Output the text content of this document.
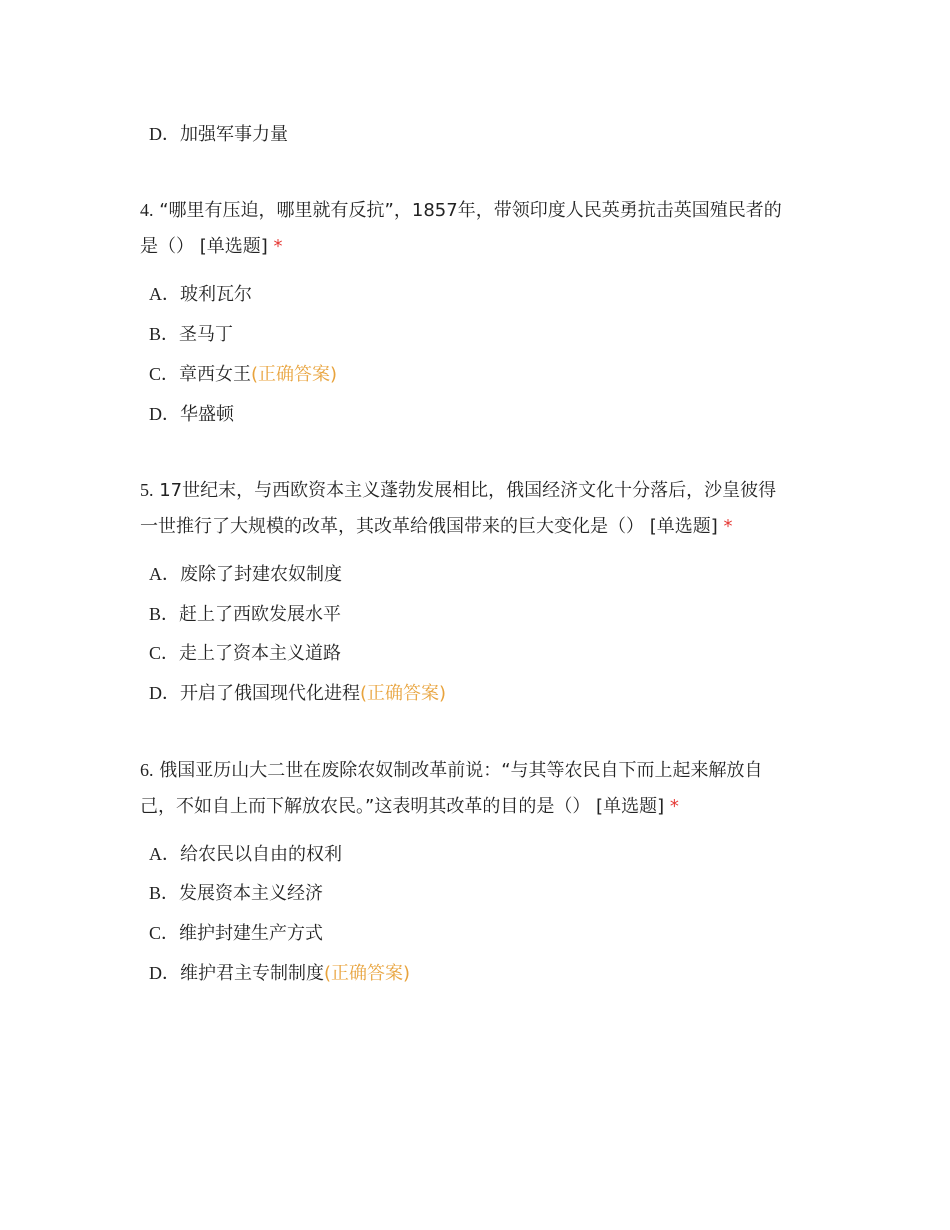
D．加强军事力量
4. “哪里有压迫，哪里就有反抗”，1857年，带领印度人民英勇抗击英国殖民者的
是（） [单选题] *
A．玻利瓦尔
B．圣马丁
C．章西女王(正确答案)
D．华盛顿
5. 17世纪末，与西欧资本主义蓬勃发展相比，俄国经济文化十分落后，沙皇彼得
一世推行了大规模的改革，其改革给俄国带来的巨大变化是（） [单选题] *
A．废除了封建农奴制度
B．赶上了西欧发展水平
C．走上了资本主义道路
D．开启了俄国现代化进程(正确答案)
6. 俄国亚历山大二世在废除农奴制改革前说：“与其等农民自下而上起来解放自
己，不如自上而下解放农民。”这表明其改革的目的是（） [单选题] *
A．给农民以自由的权利
B．发展资本主义经济
C．维护封建生产方式
D．维护君主专制制度(正确答案)
